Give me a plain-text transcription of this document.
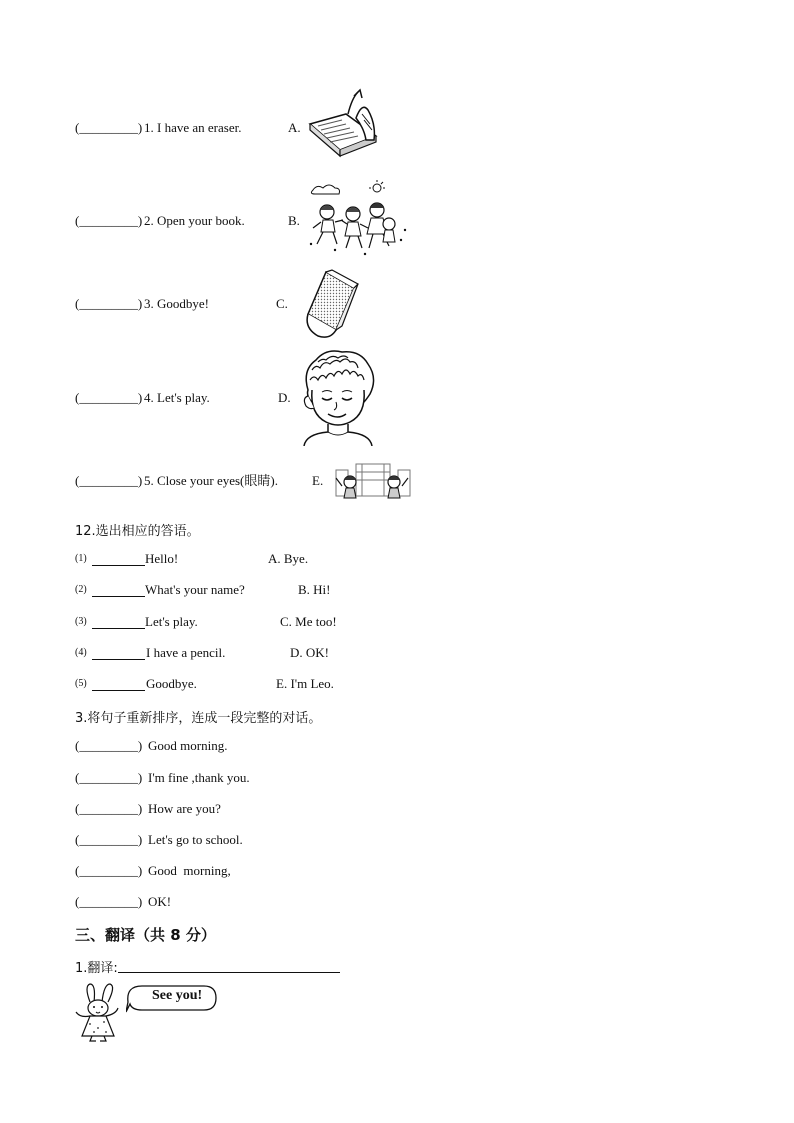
(_________) 1. I have an eraser.	A.
(_________) 2. Open your book.	B.
(_________) 3. Goodbye!	C.
(_________) 4. Let's play.	D.
(_________) 5. Close your eyes(眼睛).	E.
12.选出相应的答语。
(1)	Hello!	A. Bye.
(2)	What's your name?	B. Hi!
(3)	Let's play.	C. Me too!
(4)	I have a pencil.	D. OK!
(5)	Goodbye.	E. I'm Leo.
3.将句子重新排序，连成一段完整的对话。
(_________) Good morning.
(_________) I'm fine ,thank you.
(_________) How are you?
(_________) Let's go to school.
(_________) Good  morning,
(_________) OK!
三、翻译（共 8 分）
1.翻译:
See you!
